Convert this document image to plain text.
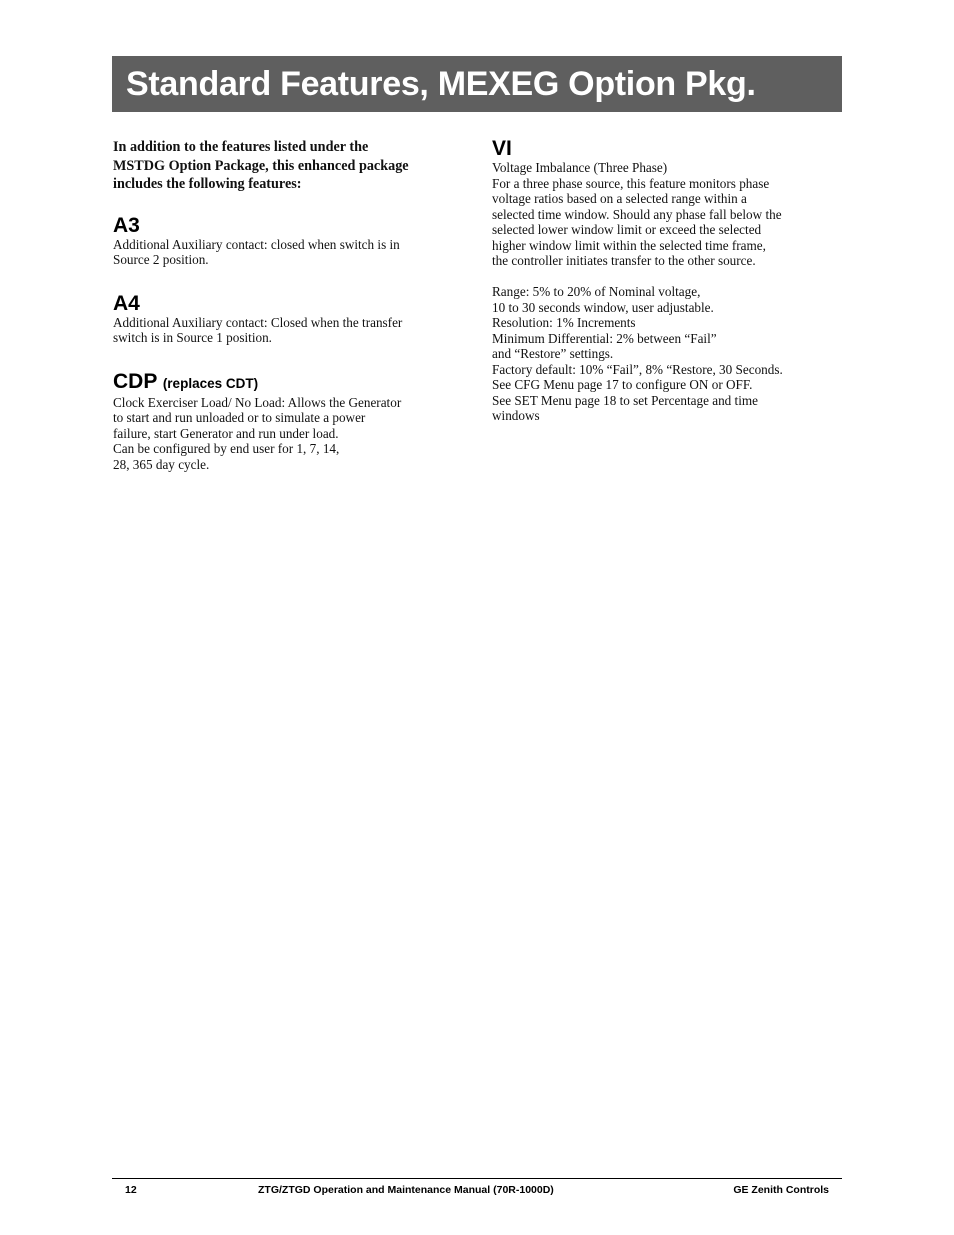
Standard Features, MEXEG Option Pkg.

In addition to the features listed under the
MSTDG Option Package, this enhanced package
includes the following features:

A3

Additional Auxiliary contact: closed when switch is in
Source 2 position.

A4

Additional Auxiliary contact: Closed when the transfer
switch is in Source 1 position.

CDP (replaces CDT)

Clock Exerciser Load/ No Load: Allows the Generator
to start and run unloaded or to simulate a power
failure, start Generator and run under load.
Can be configured by end user for 1, 7, 14,
28, 365 day cycle.

VI

Voltage Imbalance (Three Phase)
For a three phase source, this feature monitors phase
voltage ratios based on a selected range within a
selected time window. Should any phase fall below the
selected lower window limit or exceed the selected
higher window limit within the selected time frame,
the controller initiates transfer to the other source.
Range: 5% to 20% of Nominal voltage,
10 to 30 seconds window, user adjustable.
Resolution: 1% Increments
Minimum Differential: 2% between “Fail”
and “Restore” settings.
Factory default: 10% “Fail”, 8% “Restore, 30 Seconds.
See CFG Menu page 17 to configure ON or OFF.
See SET Menu page 18 to set Percentage and time
windows

12	ZTG/ZTGD Operation and Maintenance Manual (70R-1000D)	GE Zenith Controls
